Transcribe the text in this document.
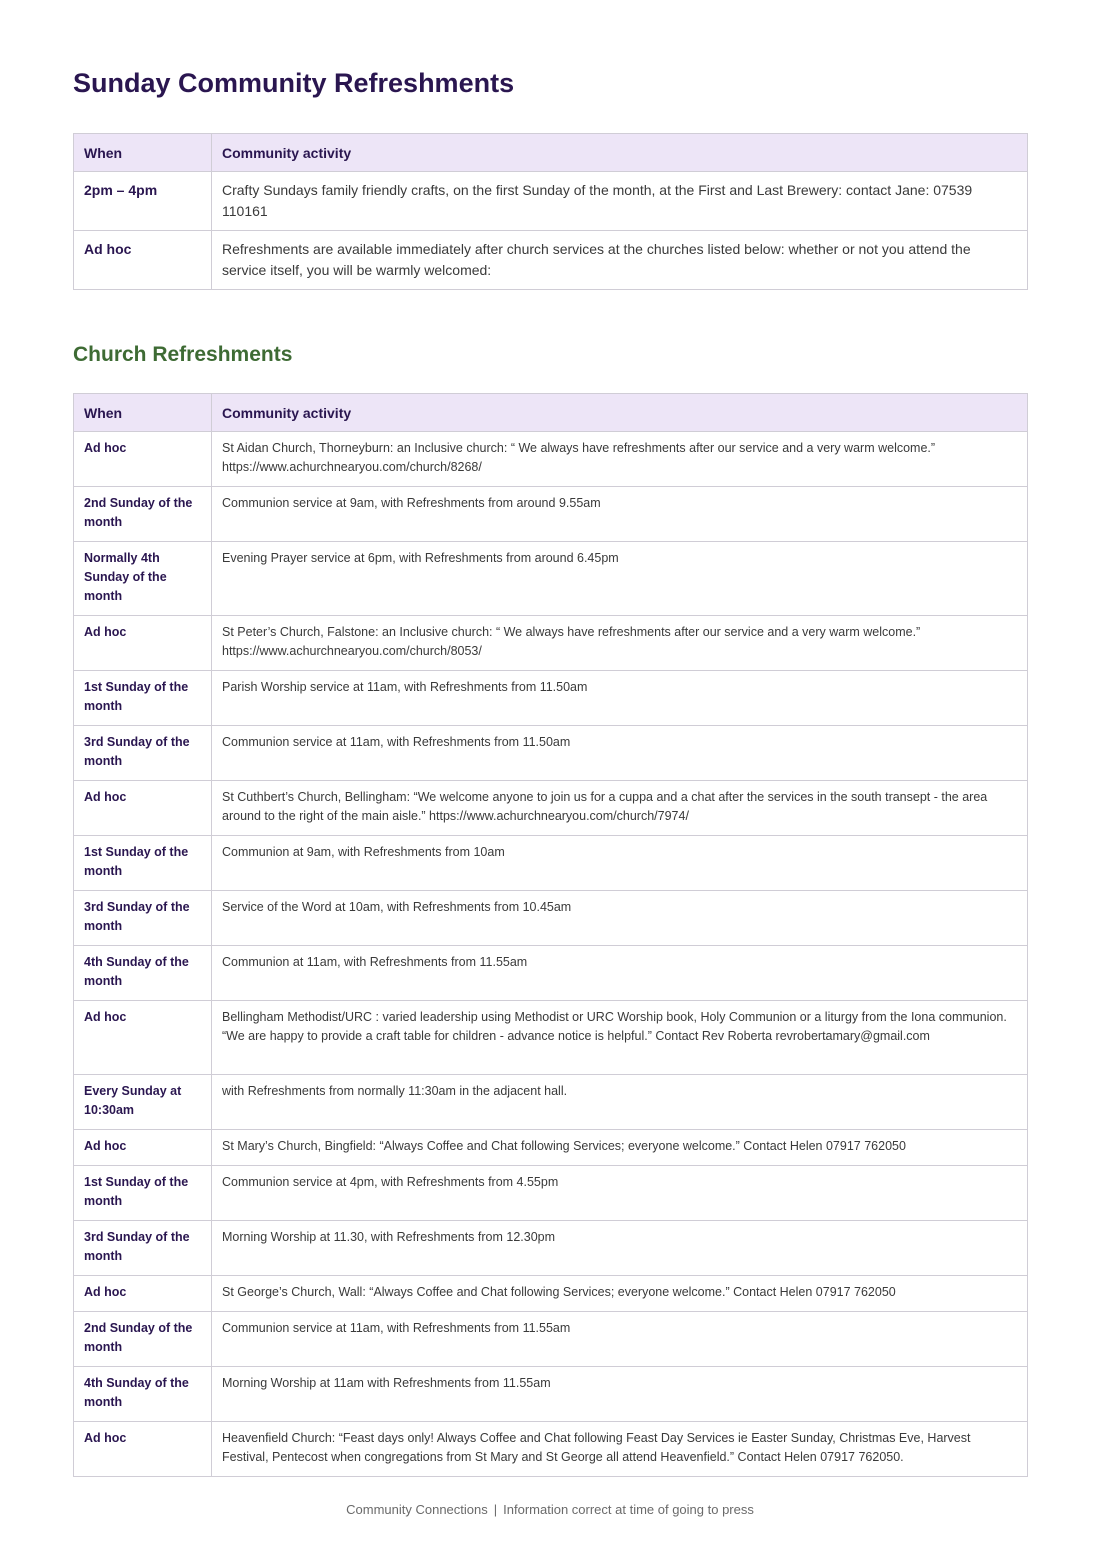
Sunday Community Refreshments
When	Community activity
2pm – 4pm	Crafty Sundays family friendly crafts, on the first Sunday of the month, at the First and Last Brewery: contact Jane: 07539 110161
Ad hoc	Refreshments are available immediately after church services at the churches listed below: whether or not you attend the service itself, you will be warmly welcomed:
Church Refreshments
When	Community activity
Ad hoc	St Aidan Church, Thorneyburn: an Inclusive church: “ We always have refreshments after our service and a very warm welcome.” https://www.achurchnearyou.com/church/8268/
2nd Sunday of the month	Communion service at 9am, with Refreshments from around 9.55am
Normally 4th Sunday of the month	Evening Prayer service at 6pm, with Refreshments from around 6.45pm
Ad hoc	St Peter’s Church, Falstone: an Inclusive church: “ We always have refreshments after our service and a very warm welcome.” https://www.achurchnearyou.com/church/8053/
1st Sunday of the month	Parish Worship service at 11am, with Refreshments from 11.50am
3rd Sunday of the month	Communion service at 11am, with Refreshments from 11.50am
Ad hoc	St Cuthbert’s Church, Bellingham: “We welcome anyone to join us for a cuppa and a chat after the services in the south transept - the area around to the right of the main aisle.” https://www.achurchnearyou.com/church/7974/
1st Sunday of the month	Communion at 9am, with Refreshments from 10am
3rd Sunday of the month	Service of the Word at 10am, with Refreshments from 10.45am
4th Sunday of the month	Communion at 11am, with Refreshments from 11.55am
Ad hoc	Bellingham Methodist/URC : varied leadership using Methodist or URC Worship book, Holy Communion or a liturgy from the Iona communion. “We are happy to provide a craft table for children - advance notice is helpful.” Contact Rev Roberta revrobertamary@gmail.com
Every Sunday at 10:30am	with Refreshments from normally 11:30am in the adjacent hall.
Ad hoc	St Mary’s Church, Bingfield: “Always Coffee and Chat following Services; everyone welcome.” Contact Helen 07917 762050
1st Sunday of the month	Communion service at 4pm, with Refreshments from 4.55pm
3rd Sunday of the month	Morning Worship at 11.30, with Refreshments from 12.30pm
Ad hoc	St George’s Church, Wall: “Always Coffee and Chat following Services; everyone welcome.” Contact Helen 07917 762050
2nd Sunday of the month	Communion service at 11am, with Refreshments from 11.55am
4th Sunday of the month	Morning Worship at 11am with Refreshments from 11.55am
Ad hoc	Heavenfield Church: “Feast days only! Always Coffee and Chat following Feast Day Services ie Easter Sunday, Christmas Eve, Harvest Festival, Pentecost when congregations from St Mary and St George all attend Heavenfield.” Contact Helen 07917 762050.
Community Connections | Information correct at time of going to press
